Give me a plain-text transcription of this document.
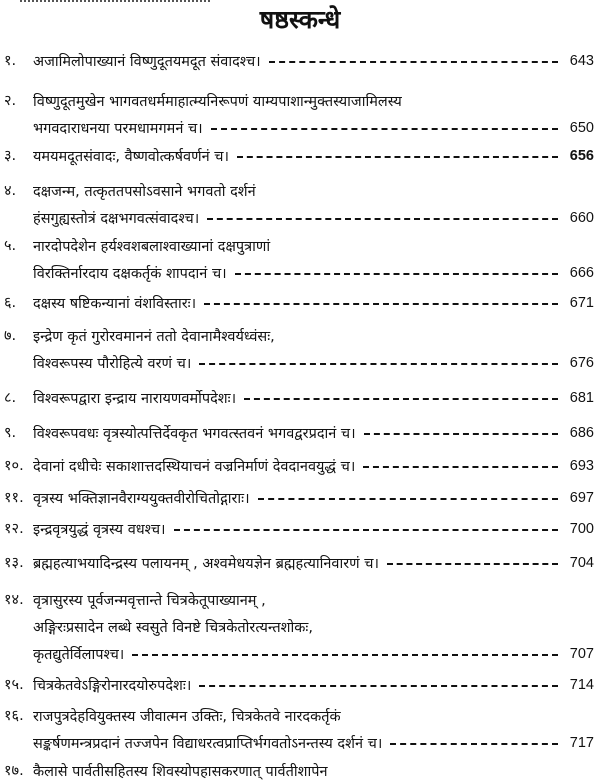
षष्ठस्कन्धे
१. अजामिलोपाख्यानं विष्णुदूतयमदूत संवादश्च।	643
२. विष्णुदूतमुखेन भागवतधर्ममाहात्म्यनिरूपणं याम्यपाशान्मुक्तस्याजामिलस्य
भगवदाराधनया परमधामगमनं च।	650
३. यमयमदूतसंवादः, वैष्णवोत्कर्षवर्णनं च।	656
४. दक्षजन्म, तत्कृततपसोऽवसाने भगवतो दर्शनं
हंसगुह्यस्तोत्रं दक्षभगवत्संवादश्च।	660
५. नारदोपदेशेन हर्यश्वशबलाश्वाख्यानां दक्षपुत्राणां
विरक्तिर्नारदाय दक्षकर्तृकं शापदानं च।	666
६. दक्षस्य षष्टिकन्यानां वंशविस्तारः।	671
७. इन्द्रेण कृतं गुरोरवमाननं ततो देवानामैश्वर्यध्वंसः,
विश्वरूपस्य पौरोहित्ये वरणं च।	676
८. विश्वरूपद्वारा इन्द्राय नारायणवर्मोपदेशः।	681
९. विश्वरूपवधः वृत्रस्योत्पत्तिर्देवकृत भगवत्स्तवनं भगवद्वरप्रदानं च।	686
१०. देवानां दधीचेः सकाशात्तदस्थियाचनं वज्रनिर्माणं देवदानवयुद्धं च।	693
११. वृत्रस्य भक्तिज्ञानवैराग्ययुक्तवीरोचितोद्गाराः।	697
१२. इन्द्रवृत्रयुद्धं वृत्रस्य वधश्च।	700
१३. ब्रह्महत्याभयादिन्द्रस्य पलायनम् , अश्वमेधयज्ञेन ब्रह्महत्यानिवारणं च।	704
१४. वृत्रासुरस्य पूर्वजन्मवृत्तान्ते चित्रकेतूपाख्यानम् ,
अङ्गिरःप्रसादेन लब्धे स्वसुते विनष्टे चित्रकेतोरत्यन्तशोकः,
कृतद्युतेर्विलापश्च।	707
१५. चित्रकेतवेऽङ्गिरोनारदयोरुपदेशः।	714
१६. राजपुत्रदेहवियुक्तस्य जीवात्मन उक्तिः, चित्रकेतवे नारदकर्तृकं
सङ्कर्षणमन्त्रप्रदानं तज्जपेन विद्याधरत्वप्राप्तिर्भगवतोऽनन्तस्य दर्शनं च।	717
१७. कैलासे पार्वतीसहितस्य शिवस्योपहासकरणात् पार्वतीशापेन
